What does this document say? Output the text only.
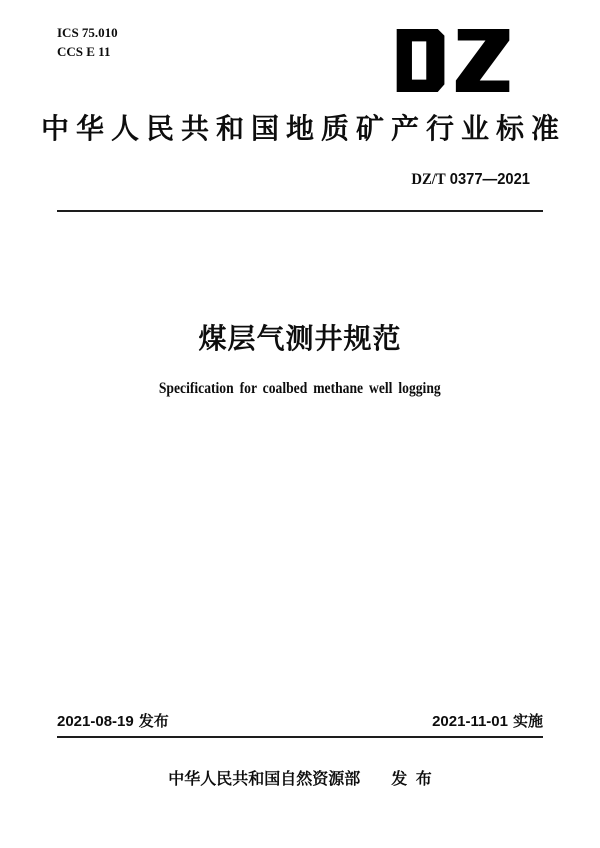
ICS 75.010
CCS E 11
中华人民共和国地质矿产行业标准
DZ/T 0377—2021
煤层气测井规范
Specification for coalbed methane well logging
2021-08-19 发布	2021-11-01 实施
中华人民共和国自然资源部 发 布
